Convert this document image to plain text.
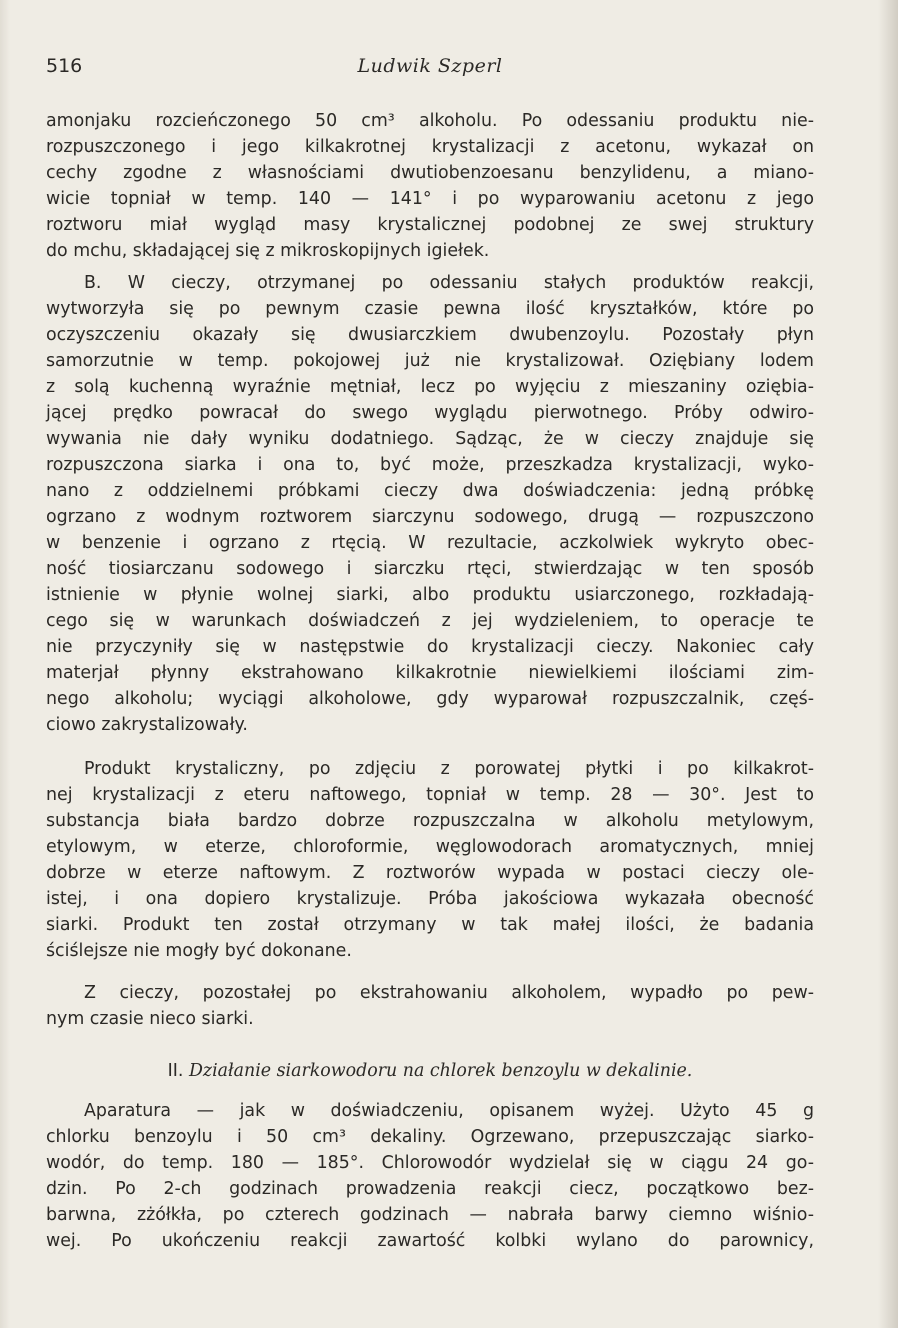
516	Ludwik Szperl
amonjaku rozcieńczonego 50 cm³ alkoholu. Po odessaniu produktu nie-
rozpuszczonego i jego kilkakrotnej krystalizacji z acetonu, wykazał on
cechy zgodne z własnościami dwutiobenzoesanu benzylidenu, a miano-
wicie topniał w temp. 140 — 141° i po wyparowaniu acetonu z jego
roztworu miał wygląd masy krystalicznej podobnej ze swej struktury
do mchu, składającej się z mikroskopijnych igiełek.
B. W cieczy, otrzymanej po odessaniu stałych produktów reakcji,
wytworzyła się po pewnym czasie pewna ilość kryształków, które po
oczyszczeniu okazały się dwusiarczkiem dwubenzoylu. Pozostały płyn
samorzutnie w temp. pokojowej już nie krystalizował. Oziębiany lodem
z solą kuchenną wyraźnie mętniał, lecz po wyjęciu z mieszaniny oziębia-
jącej prędko powracał do swego wyglądu pierwotnego. Próby odwiro-
wywania nie dały wyniku dodatniego. Sądząc, że w cieczy znajduje się
rozpuszczona siarka i ona to, być może, przeszkadza krystalizacji, wyko-
nano z oddzielnemi próbkami cieczy dwa doświadczenia: jedną próbkę
ogrzano z wodnym roztworem siarczynu sodowego, drugą — rozpuszczono
w benzenie i ogrzano z rtęcią. W rezultacie, aczkolwiek wykryto obec-
ność tiosiarczanu sodowego i siarczku rtęci, stwierdzając w ten sposób
istnienie w płynie wolnej siarki, albo produktu usiarczonego, rozkładają-
cego się w warunkach doświadczeń z jej wydzieleniem, to operacje te
nie przyczyniły się w następstwie do krystalizacji cieczy. Nakoniec cały
materjał płynny ekstrahowano kilkakrotnie niewielkiemi ilościami zim-
nego alkoholu; wyciągi alkoholowe, gdy wyparował rozpuszczalnik, częś-
ciowo zakrystalizowały.
Produkt krystaliczny, po zdjęciu z porowatej płytki i po kilkakrot-
nej krystalizacji z eteru naftowego, topniał w temp. 28 — 30°. Jest to
substancja biała bardzo dobrze rozpuszczalna w alkoholu metylowym,
etylowym, w eterze, chloroformie, węglowodorach aromatycznych, mniej
dobrze w eterze naftowym. Z roztworów wypada w postaci cieczy ole-
istej, i ona dopiero krystalizuje. Próba jakościowa wykazała obecność
siarki. Produkt ten został otrzymany w tak małej ilości, że badania
ściślejsze nie mogły być dokonane.
Z cieczy, pozostałej po ekstrahowaniu alkoholem, wypadło po pew-
nym czasie nieco siarki.
II. Działanie siarkowodoru na chlorek benzoylu w dekalinie.
Aparatura — jak w doświadczeniu, opisanem wyżej. Użyto 45 g
chlorku benzoylu i 50 cm³ dekaliny. Ogrzewano, przepuszczając siarko-
wodór, do temp. 180 — 185°. Chlorowodór wydzielał się w ciągu 24 go-
dzin. Po 2-ch godzinach prowadzenia reakcji ciecz, początkowo bez-
barwna, zżółkła, po czterech godzinach — nabrała barwy ciemno wiśnio-
wej. Po ukończeniu reakcji zawartość kolbki wylano do parownicy,
